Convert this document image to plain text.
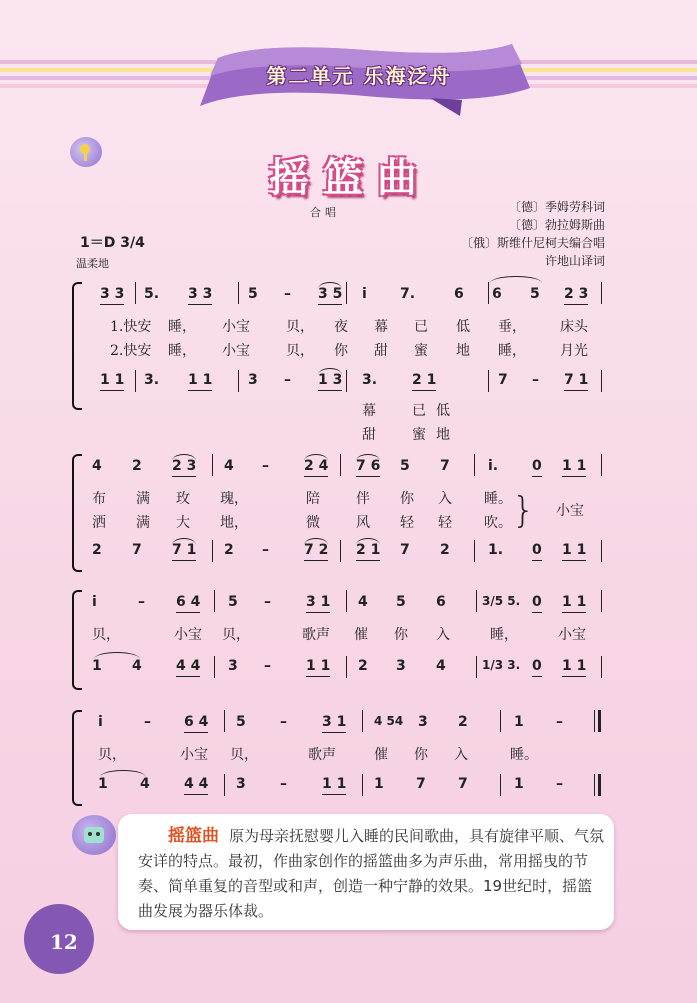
第二单元 乐海泛舟
摇篮曲
合唱	〔德〕季姆劳科词
〔德〕勃拉姆斯曲
〔俄〕斯维什尼柯夫编合唱
许地山译词
1＝D 3/4
温柔地
3 3 5. 3 3	5 – 3 5 i 7.	6 6 5 2 3
1.快安 睡， 小宝	贝， 夜 幕 已 低 垂， 床头
2.快安 睡， 小宝	贝， 你 甜 蜜 地 睡， 月光
1 1 3. 1 1	3 – 1 3 3. 2 1	7 – 7 1
幕	已 低
甜	蜜 地
4 2 2 3 4 –	2 4 7 6 5 7	i. 0 1 1
布 满 玫 瑰，	陪	伴 你 入 睡。
洒 满 大 地，	微	风 轻 轻 吹。 } 小宝
2 7 7 1 2 –	7 2 2 1 7 2	1. 0 1 1
i	– 6 4 5 –	3 1 4 5 6	3/5 5. 0 1 1
贝，	小宝 贝，	歌声 催 你 入	睡，	小宝
1 4 4 4 3 –	1 1 2 3 4	1/3 3. 0 1 1
i	– 6 4 5 –	3 1 4 54 3 2	1 –
贝，	小宝 贝，	歌声	催 你 入	睡。
1 4 4 4 3 –	1 1 1 7 7	1 –
摇篮曲 原为母亲抚慰婴儿入睡的民间歌曲，具有旋律平顺、气氛安详的特点。最初，作曲家创作的摇篮曲多为声乐曲，常用摇曳的节奏、简单重复的音型或和声，创造一种宁静的效果。19世纪时，摇篮曲发展为器乐体裁。
12
